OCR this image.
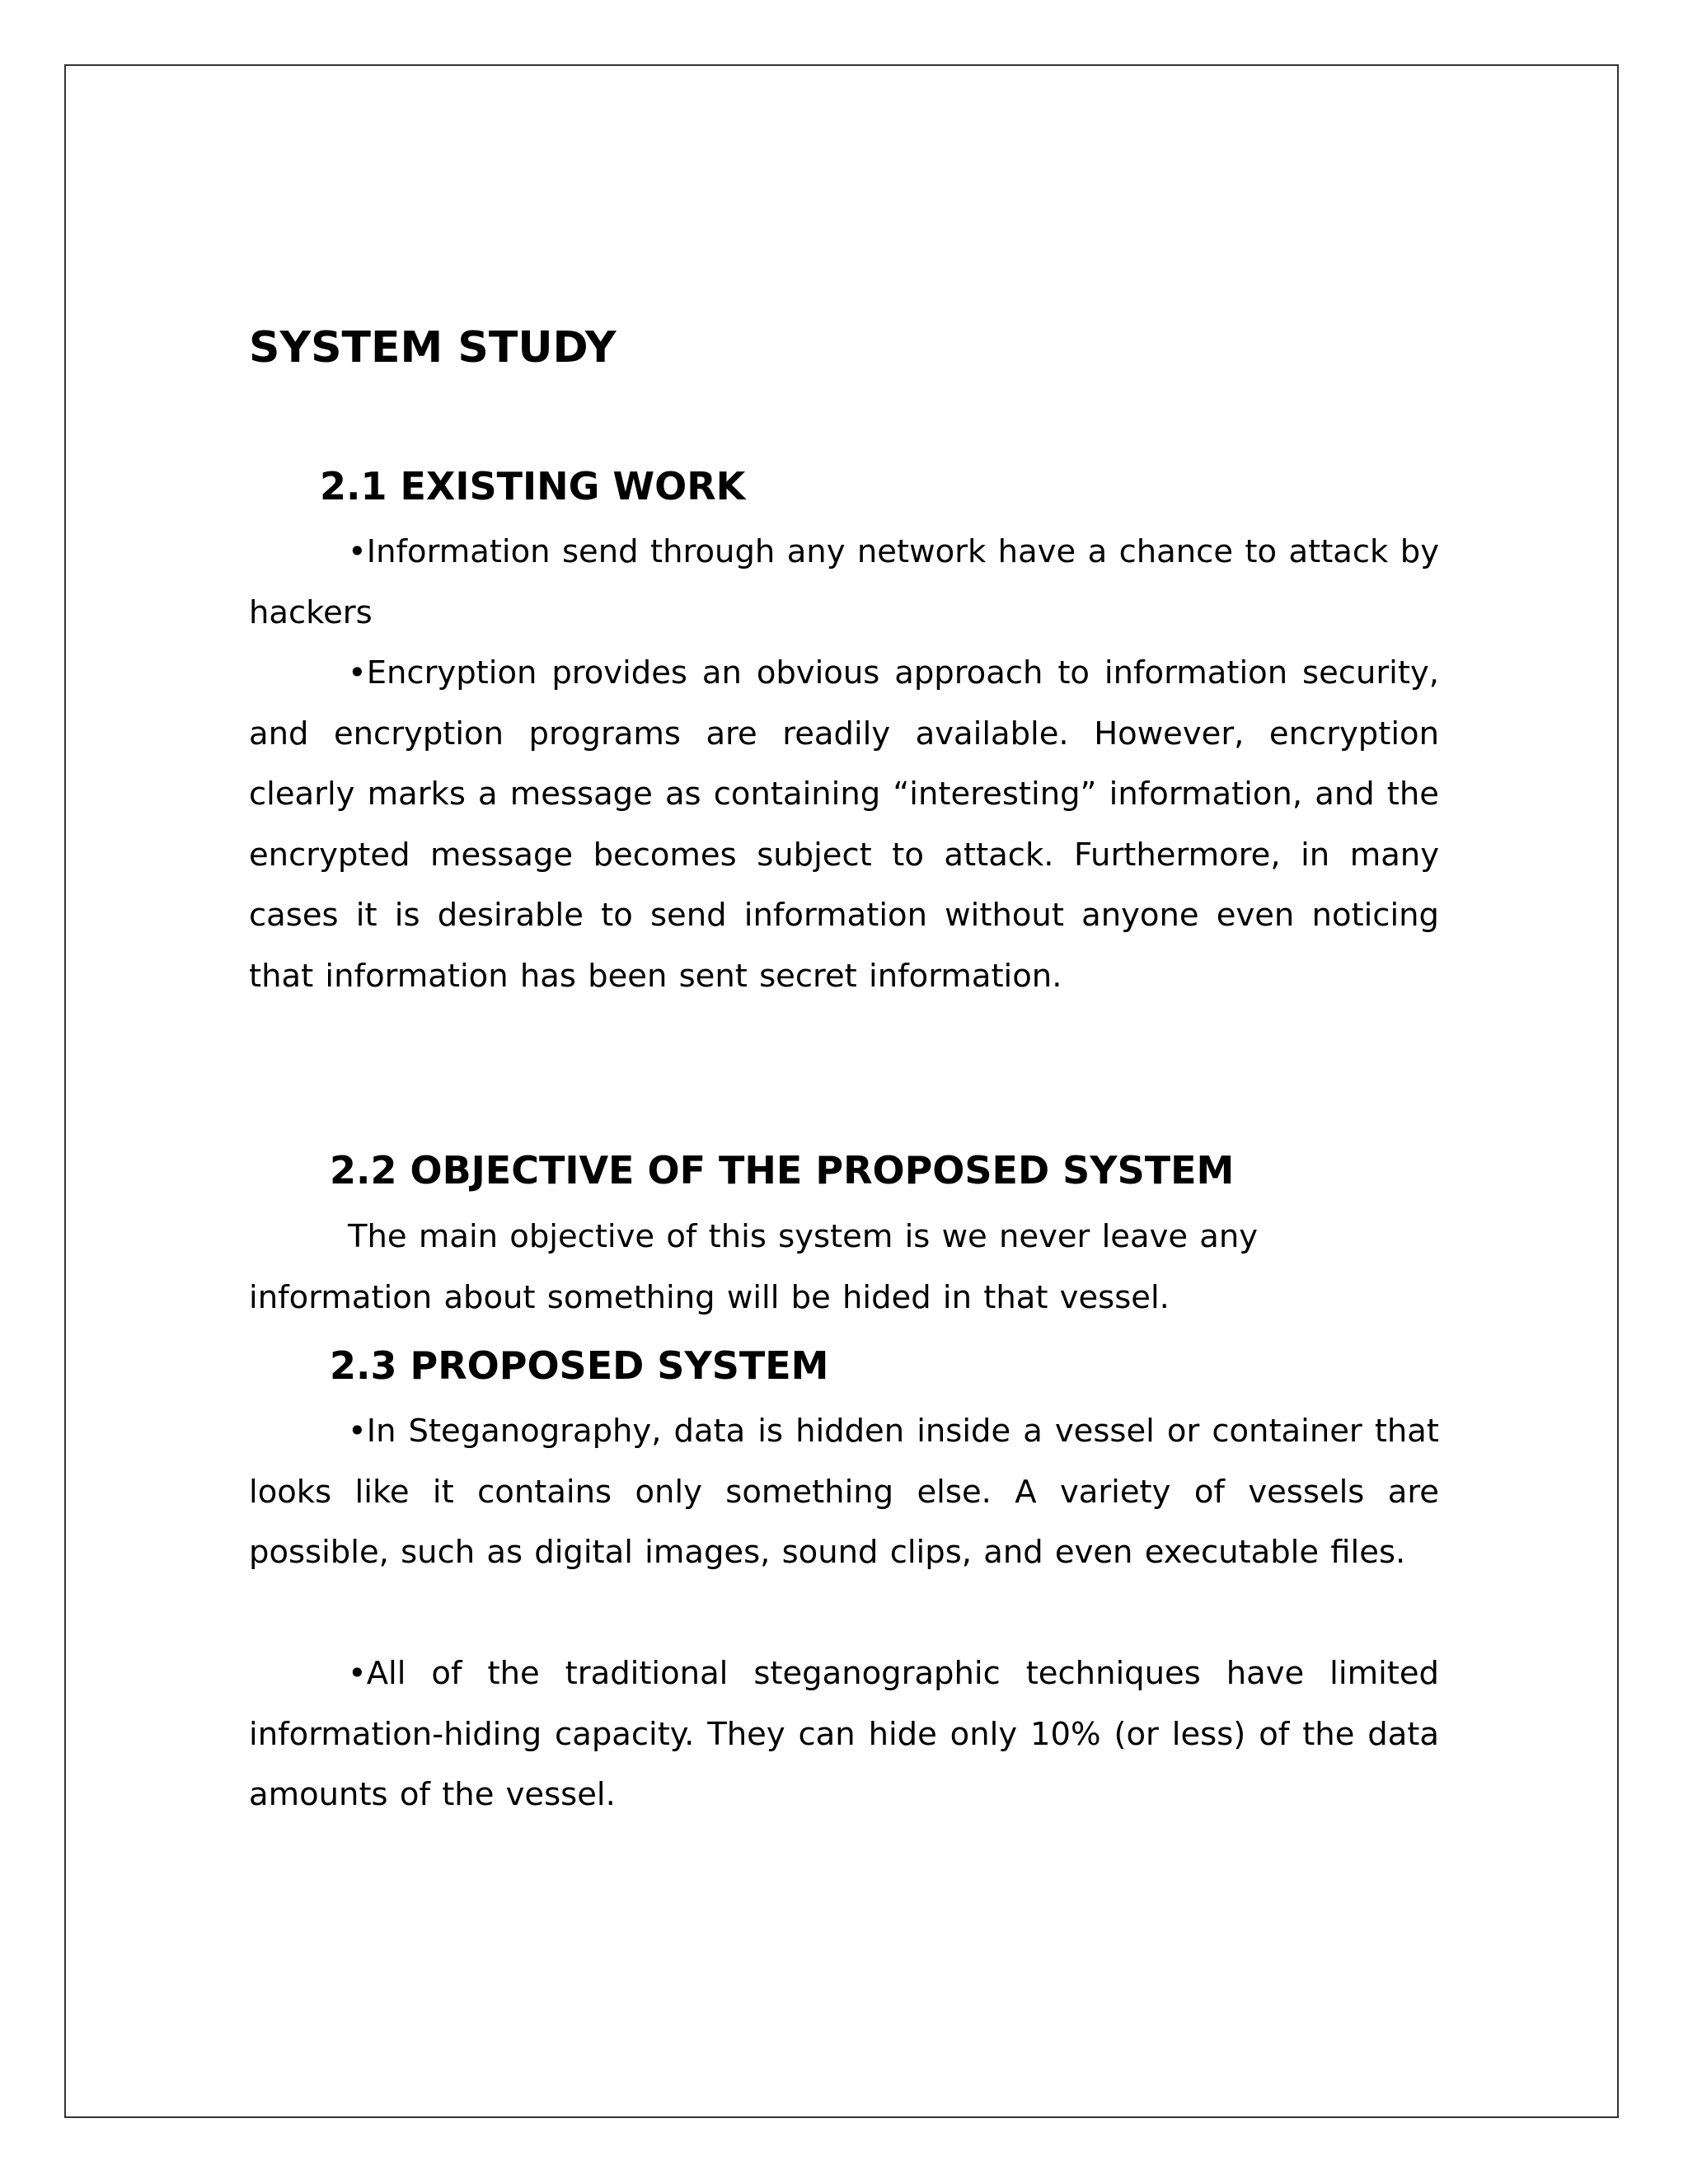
SYSTEM STUDY
2.1 EXISTING WORK

•Information send through any network have a chance to attack by hackers

•Encryption provides an obvious approach to information security, and encryption programs are readily available. However, encryption clearly marks a message as containing “interesting” information, and the encrypted message becomes subject to attack. Furthermore, in many cases it is desirable to send information without anyone even noticing that information has been sent secret information.

2.2 OBJECTIVE OF THE PROPOSED SYSTEM

The main objective of this system is we never leave any information about something will be hided in that vessel.

2.3 PROPOSED SYSTEM

•In Steganography, data is hidden inside a vessel or container that looks like it contains only something else. A variety of vessels are possible, such as digital images, sound clips, and even executable files.

•All of the traditional steganographic techniques have limited information-hiding capacity. They can hide only 10% (or less) of the data amounts of the vessel.
